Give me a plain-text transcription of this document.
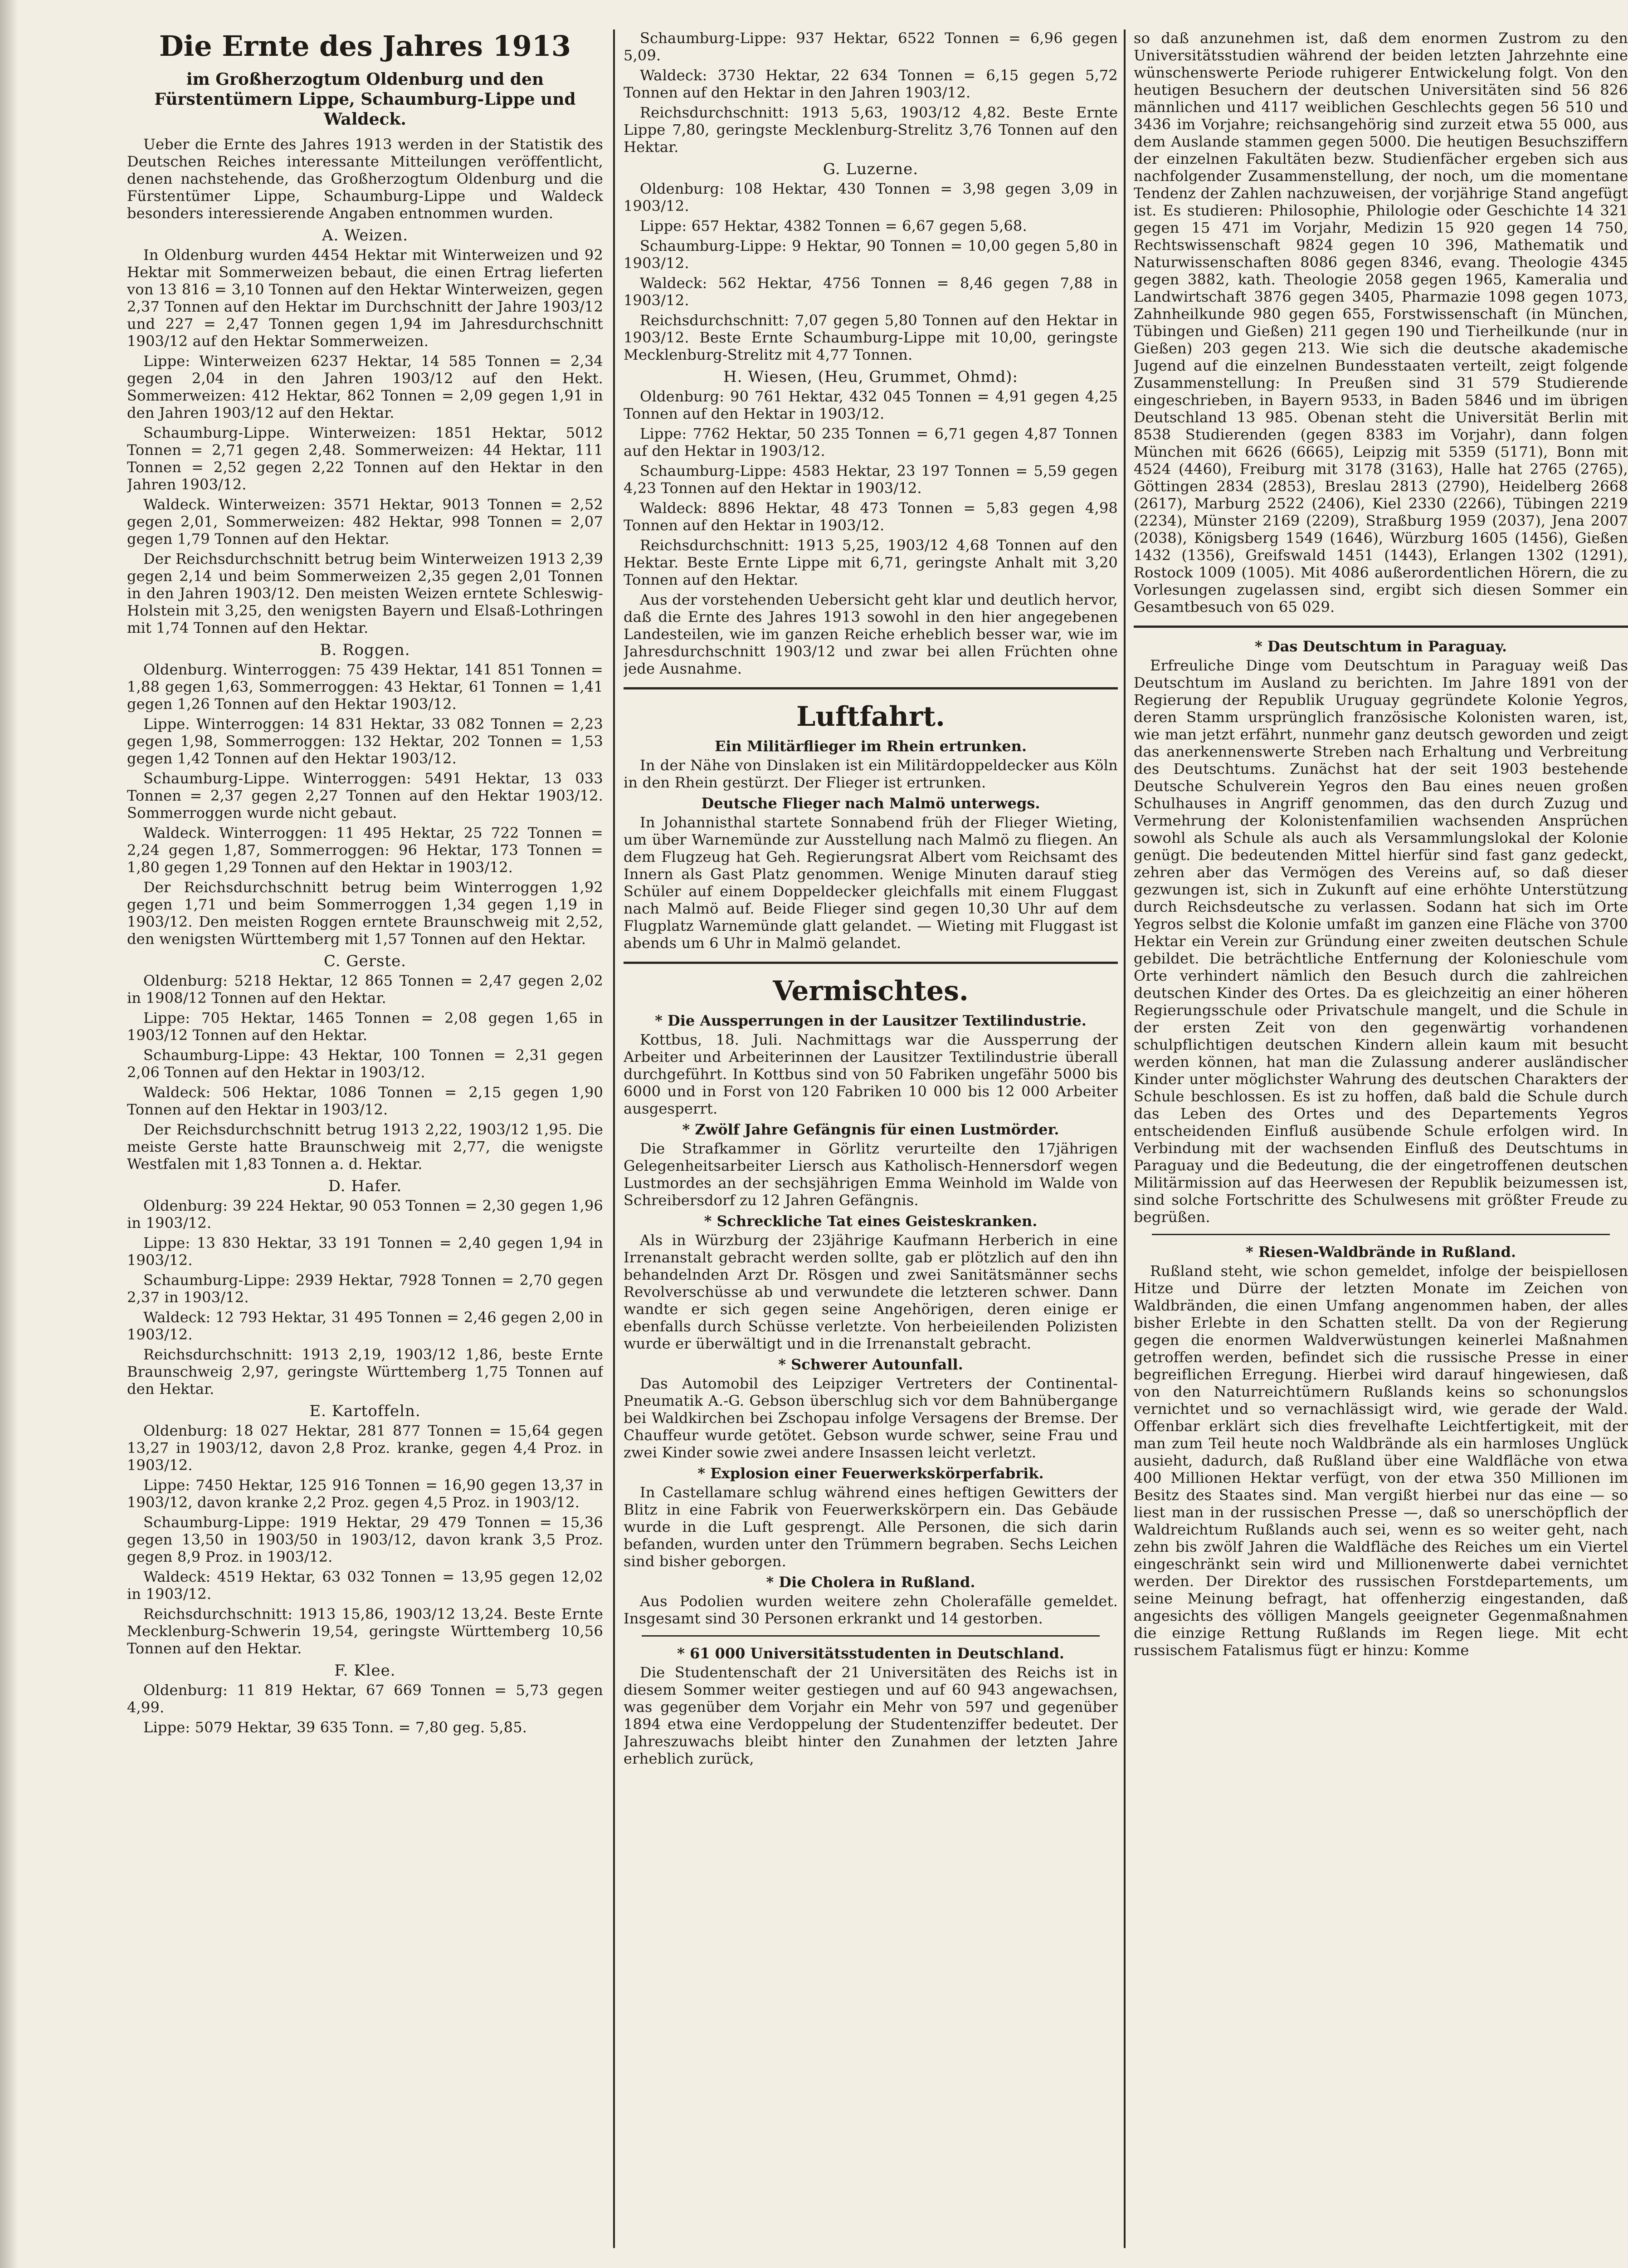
Die Ernte des Jahres 1913
im Großherzogtum Oldenburg und den Fürstentümern Lippe, Schaumburg-Lippe und Waldeck.

Ueber die Ernte des Jahres 1913 werden in der Statistik des Deutschen Reiches interessante Mitteilungen veröffentlicht, denen nachstehende, das Großherzogtum Oldenburg und die Fürstentümer Lippe, Schaumburg-Lippe und Waldeck besonders interessierende Angaben entnommen wurden.

A. Weizen.

In Oldenburg wurden 4454 Hektar mit Winterweizen und 92 Hektar mit Sommerweizen bebaut, die einen Ertrag lieferten von 13 816 = 3,10 Tonnen auf den Hektar Winterweizen, gegen 2,37 Tonnen auf den Hektar im Durchschnitt der Jahre 1903/12 und 227 = 2,47 Tonnen gegen 1,94 im Jahresdurchschnitt 1903/12 auf den Hektar Sommerweizen.

Lippe: Winterweizen 6237 Hektar, 14 585 Tonnen = 2,34 gegen 2,04 in den Jahren 1903/12 auf den Hekt. Sommerweizen: 412 Hektar, 862 Tonnen = 2,09 gegen 1,91 in den Jahren 1903/12 auf den Hektar.

Schaumburg-Lippe. Winterweizen: 1851 Hektar, 5012 Tonnen = 2,71 gegen 2,48. Sommerweizen: 44 Hektar, 111 Tonnen = 2,52 gegen 2,22 Tonnen auf den Hektar in den Jahren 1903/12.

Waldeck. Winterweizen: 3571 Hektar, 9013 Tonnen = 2,52 gegen 2,01, Sommerweizen: 482 Hektar, 998 Tonnen = 2,07 gegen 1,79 Tonnen auf den Hektar.

Der Reichsdurchschnitt betrug beim Winterweizen 1913 2,39 gegen 2,14 und beim Sommerweizen 2,35 gegen 2,01 Tonnen in den Jahren 1903/12. Den meisten Weizen erntete Schleswig-Holstein mit 3,25, den wenigsten Bayern und Elsaß-Lothringen mit 1,74 Tonnen auf den Hektar.

B. Roggen.

Oldenburg. Winterroggen: 75 439 Hektar, 141 851 Tonnen = 1,88 gegen 1,63, Sommerroggen: 43 Hektar, 61 Tonnen = 1,41 gegen 1,26 Tonnen auf den Hektar 1903/12.

Lippe. Winterroggen: 14 831 Hektar, 33 082 Tonnen = 2,23 gegen 1,98, Sommerroggen: 132 Hektar, 202 Tonnen = 1,53 gegen 1,42 Tonnen auf den Hektar 1903/12.

Schaumburg-Lippe. Winterroggen: 5491 Hektar, 13 033 Tonnen = 2,37 gegen 2,27 Tonnen auf den Hektar 1903/12. Sommerroggen wurde nicht gebaut.

Waldeck. Winterroggen: 11 495 Hektar, 25 722 Tonnen = 2,24 gegen 1,87, Sommerroggen: 96 Hektar, 173 Tonnen = 1,80 gegen 1,29 Tonnen auf den Hektar in 1903/12.

Der Reichsdurchschnitt betrug beim Winterroggen 1,92 gegen 1,71 und beim Sommerroggen 1,34 gegen 1,19 in 1903/12. Den meisten Roggen erntete Braunschweig mit 2,52, den wenigsten Württemberg mit 1,57 Tonnen auf den Hektar.

C. Gerste.

Oldenburg: 5218 Hektar, 12 865 Tonnen = 2,47 gegen 2,02 in 1908/12 Tonnen auf den Hektar.

Lippe: 705 Hektar, 1465 Tonnen = 2,08 gegen 1,65 in 1903/12 Tonnen auf den Hektar.

Schaumburg-Lippe: 43 Hektar, 100 Tonnen = 2,31 gegen 2,06 Tonnen auf den Hektar in 1903/12.

Waldeck: 506 Hektar, 1086 Tonnen = 2,15 gegen 1,90 Tonnen auf den Hektar in 1903/12.

Der Reichsdurchschnitt betrug 1913 2,22, 1903/12 1,95. Die meiste Gerste hatte Braunschweig mit 2,77, die wenigste Westfalen mit 1,83 Tonnen a. d. Hektar.

D. Hafer.

Oldenburg: 39 224 Hektar, 90 053 Tonnen = 2,30 gegen 1,96 in 1903/12.

Lippe: 13 830 Hektar, 33 191 Tonnen = 2,40 gegen 1,94 in 1903/12.

Schaumburg-Lippe: 2939 Hektar, 7928 Tonnen = 2,70 gegen 2,37 in 1903/12.

Waldeck: 12 793 Hektar, 31 495 Tonnen = 2,46 gegen 2,00 in 1903/12.

Reichsdurchschnitt: 1913 2,19, 1903/12 1,86, beste Ernte Braunschweig 2,97, geringste Württemberg 1,75 Tonnen auf den Hektar.

E. Kartoffeln.

Oldenburg: 18 027 Hektar, 281 877 Tonnen = 15,64 gegen 13,27 in 1903/12, davon 2,8 Proz. kranke, gegen 4,4 Proz. in 1903/12.

Lippe: 7450 Hektar, 125 916 Tonnen = 16,90 gegen 13,37 in 1903/12, davon kranke 2,2 Proz. gegen 4,5 Proz. in 1903/12.

Schaumburg-Lippe: 1919 Hektar, 29 479 Tonnen = 15,36 gegen 13,50 in 1903/50 in 1903/12, davon krank 3,5 Proz. gegen 8,9 Proz. in 1903/12.

Waldeck: 4519 Hektar, 63 032 Tonnen = 13,95 gegen 12,02 in 1903/12.

Reichsdurchschnitt: 1913 15,86, 1903/12 13,24. Beste Ernte Mecklenburg-Schwerin 19,54, geringste Württemberg 10,56 Tonnen auf den Hektar.

F. Klee.

Oldenburg: 11 819 Hektar, 67 669 Tonnen = 5,73 gegen 4,99.

Lippe: 5079 Hektar, 39 635 Tonn. = 7,80 geg. 5,85.

Schaumburg-Lippe: 937 Hektar, 6522 Tonnen = 6,96 gegen 5,09.

Waldeck: 3730 Hektar, 22 634 Tonnen = 6,15 gegen 5,72 Tonnen auf den Hektar in den Jahren 1903/12.

Reichsdurchschnitt: 1913 5,63, 1903/12 4,82. Beste Ernte Lippe 7,80, geringste Mecklenburg-Strelitz 3,76 Tonnen auf den Hektar.

G. Luzerne.

Oldenburg: 108 Hektar, 430 Tonnen = 3,98 gegen 3,09 in 1903/12.

Lippe: 657 Hektar, 4382 Tonnen = 6,67 gegen 5,68.

Schaumburg-Lippe: 9 Hektar, 90 Tonnen = 10,00 gegen 5,80 in 1903/12.

Waldeck: 562 Hektar, 4756 Tonnen = 8,46 gegen 7,88 in 1903/12.

Reichsdurchschnitt: 7,07 gegen 5,80 Tonnen auf den Hektar in 1903/12. Beste Ernte Schaumburg-Lippe mit 10,00, geringste Mecklenburg-Strelitz mit 4,77 Tonnen.

H. Wiesen, (Heu, Grummet, Ohmd):

Oldenburg: 90 761 Hektar, 432 045 Tonnen = 4,91 gegen 4,25 Tonnen auf den Hektar in 1903/12.

Lippe: 7762 Hektar, 50 235 Tonnen = 6,71 gegen 4,87 Tonnen auf den Hektar in 1903/12.

Schaumburg-Lippe: 4583 Hektar, 23 197 Tonnen = 5,59 gegen 4,23 Tonnen auf den Hektar in 1903/12.

Waldeck: 8896 Hektar, 48 473 Tonnen = 5,83 gegen 4,98 Tonnen auf den Hektar in 1903/12.

Reichsdurchschnitt: 1913 5,25, 1903/12 4,68 Tonnen auf den Hektar. Beste Ernte Lippe mit 6,71, geringste Anhalt mit 3,20 Tonnen auf den Hektar.

Aus der vorstehenden Uebersicht geht klar und deutlich hervor, daß die Ernte des Jahres 1913 sowohl in den hier angegebenen Landesteilen, wie im ganzen Reiche erheblich besser war, wie im Jahresdurchschnitt 1903/12 und zwar bei allen Früchten ohne jede Ausnahme.

Luftfahrt.
Ein Militärflieger im Rhein ertrunken.

In der Nähe von Dinslaken ist ein Militärdoppeldecker aus Köln in den Rhein gestürzt. Der Flieger ist ertrunken.

Deutsche Flieger nach Malmö unterwegs.

In Johannisthal startete Sonnabend früh der Flieger Wieting, um über Warnemünde zur Ausstellung nach Malmö zu fliegen. An dem Flugzeug hat Geh. Regierungsrat Albert vom Reichsamt des Innern als Gast Platz genommen. Wenige Minuten darauf stieg Schüler auf einem Doppeldecker gleichfalls mit einem Fluggast nach Malmö auf. Beide Flieger sind gegen 10,30 Uhr auf dem Flugplatz Warnemünde glatt gelandet. — Wieting mit Fluggast ist abends um 6 Uhr in Malmö gelandet.

Vermischtes.
* Die Aussperrungen in der Lausitzer Textilindustrie.

Kottbus, 18. Juli. Nachmittags war die Aussperrung der Arbeiter und Arbeiterinnen der Lausitzer Textilindustrie überall durchgeführt. In Kottbus sind von 50 Fabriken ungefähr 5000 bis 6000 und in Forst von 120 Fabriken 10 000 bis 12 000 Arbeiter ausgesperrt.

* Zwölf Jahre Gefängnis für einen Lustmörder.

Die Strafkammer in Görlitz verurteilte den 17jährigen Gelegenheitsarbeiter Liersch aus Katholisch-Hennersdorf wegen Lustmordes an der sechsjährigen Emma Weinhold im Walde von Schreibersdorf zu 12 Jahren Gefängnis.

* Schreckliche Tat eines Geisteskranken.

Als in Würzburg der 23jährige Kaufmann Herberich in eine Irrenanstalt gebracht werden sollte, gab er plötzlich auf den ihn behandelnden Arzt Dr. Rösgen und zwei Sanitätsmänner sechs Revolverschüsse ab und verwundete die letzteren schwer. Dann wandte er sich gegen seine Angehörigen, deren einige er ebenfalls durch Schüsse verletzte. Von herbeieilenden Polizisten wurde er überwältigt und in die Irrenanstalt gebracht.

* Schwerer Autounfall.

Das Automobil des Leipziger Vertreters der Continental-Pneumatik A.-G. Gebson überschlug sich vor dem Bahnübergange bei Waldkirchen bei Zschopau infolge Versagens der Bremse. Der Chauffeur wurde getötet. Gebson wurde schwer, seine Frau und zwei Kinder sowie zwei andere Insassen leicht verletzt.

* Explosion einer Feuerwerkskörperfabrik.

In Castellamare schlug während eines heftigen Gewitters der Blitz in eine Fabrik von Feuerwerkskörpern ein. Das Gebäude wurde in die Luft gesprengt. Alle Personen, die sich darin befanden, wurden unter den Trümmern begraben. Sechs Leichen sind bisher geborgen.

* Die Cholera in Rußland.

Aus Podolien wurden weitere zehn Cholerafälle gemeldet. Insgesamt sind 30 Personen erkrankt und 14 gestorben.

* 61 000 Universitätsstudenten in Deutschland.

Die Studentenschaft der 21 Universitäten des Reichs ist in diesem Sommer weiter gestiegen und auf 60 943 angewachsen, was gegenüber dem Vorjahr ein Mehr von 597 und gegenüber 1894 etwa eine Verdoppelung der Studentenziffer bedeutet. Der Jahreszuwachs bleibt hinter den Zunahmen der letzten Jahre erheblich zurück,

so daß anzunehmen ist, daß dem enormen Zustrom zu den Universitätsstudien während der beiden letzten Jahrzehnte eine wünschenswerte Periode ruhigerer Entwickelung folgt. Von den heutigen Besuchern der deutschen Universitäten sind 56 826 männlichen und 4117 weiblichen Geschlechts gegen 56 510 und 3436 im Vorjahre; reichsangehörig sind zurzeit etwa 55 000, aus dem Auslande stammen gegen 5000. Die heutigen Besuchsziffern der einzelnen Fakultäten bezw. Studienfächer ergeben sich aus nachfolgender Zusammenstellung, der noch, um die momentane Tendenz der Zahlen nachzuweisen, der vorjährige Stand angefügt ist. Es studieren: Philosophie, Philologie oder Geschichte 14 321 gegen 15 471 im Vorjahr, Medizin 15 920 gegen 14 750, Rechtswissenschaft 9824 gegen 10 396, Mathematik und Naturwissenschaften 8086 gegen 8346, evang. Theologie 4345 gegen 3882, kath. Theologie 2058 gegen 1965, Kameralia und Landwirtschaft 3876 gegen 3405, Pharmazie 1098 gegen 1073, Zahnheilkunde 980 gegen 655, Forstwissenschaft (in München, Tübingen und Gießen) 211 gegen 190 und Tierheilkunde (nur in Gießen) 203 gegen 213. Wie sich die deutsche akademische Jugend auf die einzelnen Bundesstaaten verteilt, zeigt folgende Zusammenstellung: In Preußen sind 31 579 Studierende eingeschrieben, in Bayern 9533, in Baden 5846 und im übrigen Deutschland 13 985. Obenan steht die Universität Berlin mit 8538 Studierenden (gegen 8383 im Vorjahr), dann folgen München mit 6626 (6665), Leipzig mit 5359 (5171), Bonn mit 4524 (4460), Freiburg mit 3178 (3163), Halle hat 2765 (2765), Göttingen 2834 (2853), Breslau 2813 (2790), Heidelberg 2668 (2617), Marburg 2522 (2406), Kiel 2330 (2266), Tübingen 2219 (2234), Münster 2169 (2209), Straßburg 1959 (2037), Jena 2007 (2038), Königsberg 1549 (1646), Würzburg 1605 (1456), Gießen 1432 (1356), Greifswald 1451 (1443), Erlangen 1302 (1291), Rostock 1009 (1005). Mit 4086 außerordentlichen Hörern, die zu Vorlesungen zugelassen sind, ergibt sich diesen Sommer ein Gesamtbesuch von 65 029.

* Das Deutschtum in Paraguay.

Erfreuliche Dinge vom Deutschtum in Paraguay weiß Das Deutschtum im Ausland zu berichten. Im Jahre 1891 von der Regierung der Republik Uruguay gegründete Kolonie Yegros, deren Stamm ursprünglich französische Kolonisten waren, ist, wie man jetzt erfährt, nunmehr ganz deutsch geworden und zeigt das anerkennenswerte Streben nach Erhaltung und Verbreitung des Deutschtums. Zunächst hat der seit 1903 bestehende Deutsche Schulverein Yegros den Bau eines neuen großen Schulhauses in Angriff genommen, das den durch Zuzug und Vermehrung der Kolonistenfamilien wachsenden Ansprüchen sowohl als Schule als auch als Versammlungslokal der Kolonie genügt. Die bedeutenden Mittel hierfür sind fast ganz gedeckt, zehren aber das Vermögen des Vereins auf, so daß dieser gezwungen ist, sich in Zukunft auf eine erhöhte Unterstützung durch Reichsdeutsche zu verlassen. Sodann hat sich im Orte Yegros selbst die Kolonie umfaßt im ganzen eine Fläche von 3700 Hektar ein Verein zur Gründung einer zweiten deutschen Schule gebildet. Die beträchtliche Entfernung der Kolonieschule vom Orte verhindert nämlich den Besuch durch die zahlreichen deutschen Kinder des Ortes. Da es gleichzeitig an einer höheren Regierungsschule oder Privatschule mangelt, und die Schule in der ersten Zeit von den gegenwärtig vorhandenen schulpflichtigen deutschen Kindern allein kaum mit besucht werden können, hat man die Zulassung anderer ausländischer Kinder unter möglichster Wahrung des deutschen Charakters der Schule beschlossen. Es ist zu hoffen, daß bald die Schule durch das Leben des Ortes und des Departements Yegros entscheidenden Einfluß ausübende Schule erfolgen wird. In Verbindung mit der wachsenden Einfluß des Deutschtums in Paraguay und die Bedeutung, die der eingetroffenen deutschen Militärmission auf das Heerwesen der Republik beizumessen ist, sind solche Fortschritte des Schulwesens mit größter Freude zu begrüßen.

* Riesen-Waldbrände in Rußland.

Rußland steht, wie schon gemeldet, infolge der beispiellosen Hitze und Dürre der letzten Monate im Zeichen von Waldbränden, die einen Umfang angenommen haben, der alles bisher Erlebte in den Schatten stellt. Da von der Regierung gegen die enormen Waldverwüstungen keinerlei Maßnahmen getroffen werden, befindet sich die russische Presse in einer begreiflichen Erregung. Hierbei wird darauf hingewiesen, daß von den Naturreichtümern Rußlands keins so schonungslos vernichtet und so vernachlässigt wird, wie gerade der Wald. Offenbar erklärt sich dies frevelhafte Leichtfertigkeit, mit der man zum Teil heute noch Waldbrände als ein harmloses Unglück ausieht, dadurch, daß Rußland über eine Waldfläche von etwa 400 Millionen Hektar verfügt, von der etwa 350 Millionen im Besitz des Staates sind. Man vergißt hierbei nur das eine — so liest man in der russischen Presse —, daß so unerschöpflich der Waldreichtum Rußlands auch sei, wenn es so weiter geht, nach zehn bis zwölf Jahren die Waldfläche des Reiches um ein Viertel eingeschränkt sein wird und Millionenwerte dabei vernichtet werden. Der Direktor des russischen Forstdepartements, um seine Meinung befragt, hat offenherzig eingestanden, daß angesichts des völligen Mangels geeigneter Gegenmaßnahmen die einzige Rettung Rußlands im Regen liege. Mit echt russischem Fatalismus fügt er hinzu: Komme
